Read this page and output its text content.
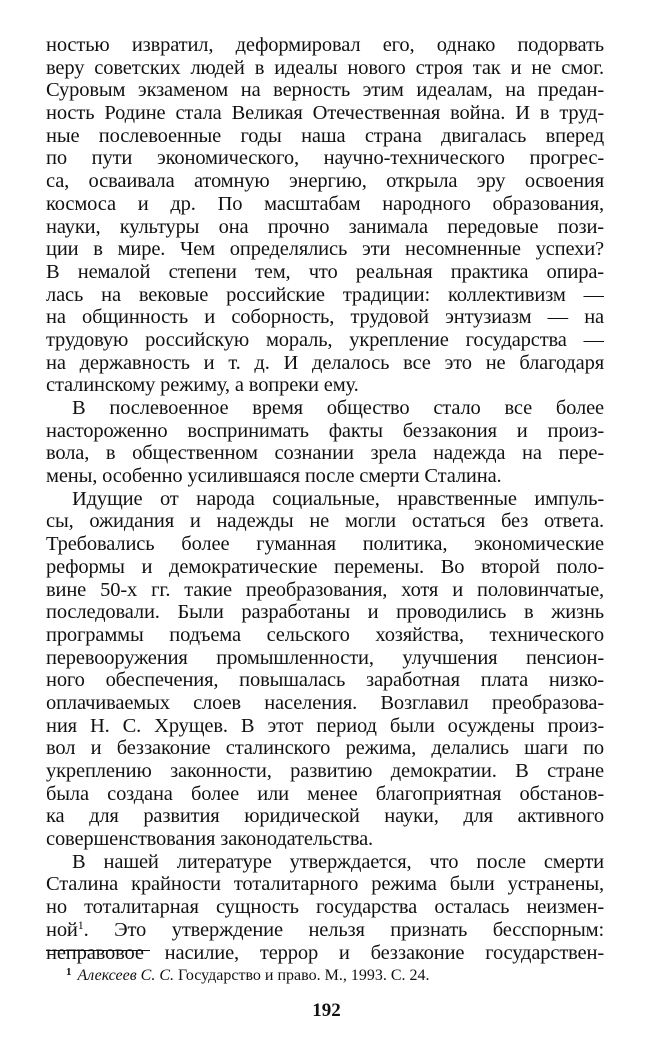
ностью извратил, деформировал его, однако подорвать
веру советских людей в идеалы нового строя так и не смог.
Суровым экзаменом на верность этим идеалам, на предан-
ность Родине стала Великая Отечественная война. И в труд-
ные послевоенные годы наша страна двигалась вперед
по пути экономического, научно-технического прогрес-
са, осваивала атомную энергию, открыла эру освоения
космоса и др. По масштабам народного образования,
науки, культуры она прочно занимала передовые пози-
ции в мире. Чем определялись эти несомненные успехи?
В немалой степени тем, что реальная практика опира-
лась на вековые российские традиции: коллективизм —
на общинность и соборность, трудовой энтузиазм — на
трудовую российскую мораль, укрепление государства —
на державность и т. д. И делалось все это не благодаря
сталинскому режиму, а вопреки ему.
В послевоенное время общество стало все более
настороженно воспринимать факты беззакония и произ-
вола, в общественном сознании зрела надежда на пере-
мены, особенно усилившаяся после смерти Сталина.
Идущие от народа социальные, нравственные импуль-
сы, ожидания и надежды не могли остаться без ответа.
Требовались более гуманная политика, экономические
реформы и демократические перемены. Во второй поло-
вине 50-х гг. такие преобразования, хотя и половинчатые,
последовали. Были разработаны и проводились в жизнь
программы подъема сельского хозяйства, технического
перевооружения промышленности, улучшения пенсион-
ного обеспечения, повышалась заработная плата низко-
оплачиваемых слоев населения. Возглавил преобразова-
ния Н. С. Хрущев. В этот период были осуждены произ-
вол и беззаконие сталинского режима, делались шаги по
укреплению законности, развитию демократии. В стране
была создана более или менее благоприятная обстанов-
ка для развития юридической науки, для активного
совершенствования законодательства.
В нашей литературе утверждается, что после смерти
Сталина крайности тоталитарного режима были устранены,
но тоталитарная сущность государства осталась неизмен-
ной$^1$. Это утверждение нельзя признать бесспорным:
неправовое насилие, террор и беззаконие государствен-
$^1$ Алексеев С. С. Государство и право. М., 1993. С. 24.
192
